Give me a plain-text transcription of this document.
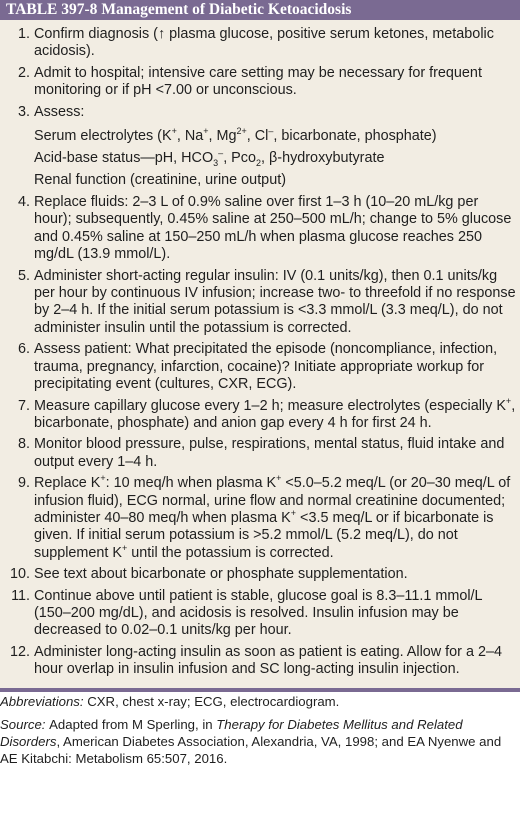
TABLE 397-8 Management of Diabetic Ketoacidosis
1. Confirm diagnosis (↑ plasma glucose, positive serum ketones, metabolic acidosis).
2. Admit to hospital; intensive care setting may be necessary for frequent monitoring or if pH <7.00 or unconscious.
3. Assess:
Serum electrolytes (K+, Na+, $Mg^{2+}$, Cl–, bicarbonate, phosphate)
Acid-base status—pH, $HCO_3^-$, Pco$_2$, β-hydroxybutyrate
Renal function (creatinine, urine output)
4. Replace fluids: 2–3 L of 0.9% saline over first 1–3 h (10–20 mL/kg per hour); subsequently, 0.45% saline at 250–500 mL/h; change to 5% glucose and 0.45% saline at 150–250 mL/h when plasma glucose reaches 250 mg/dL (13.9 mmol/L).
5. Administer short-acting regular insulin: IV (0.1 units/kg), then 0.1 units/kg per hour by continuous IV infusion; increase two- to threefold if no response by 2–4 h. If the initial serum potassium is <3.3 mmol/L (3.3 meq/L), do not administer insulin until the potassium is corrected.
6. Assess patient: What precipitated the episode (noncompliance, infection, trauma, pregnancy, infarction, cocaine)? Initiate appropriate workup for precipitating event (cultures, CXR, ECG).
7. Measure capillary glucose every 1–2 h; measure electrolytes (especially K+, bicarbonate, phosphate) and anion gap every 4 h for first 24 h.
8. Monitor blood pressure, pulse, respirations, mental status, fluid intake and output every 1–4 h.
9. Replace K+: 10 meq/h when plasma K+ <5.0–5.2 meq/L (or 20–30 meq/L of infusion fluid), ECG normal, urine flow and normal creatinine documented; administer 40–80 meq/h when plasma K+ <3.5 meq/L or if bicarbonate is given. If initial serum potassium is >5.2 mmol/L (5.2 meq/L), do not supplement K+ until the potassium is corrected.
10. See text about bicarbonate or phosphate supplementation.
11. Continue above until patient is stable, glucose goal is 8.3–11.1 mmol/L (150–200 mg/dL), and acidosis is resolved. Insulin infusion may be decreased to 0.02–0.1 units/kg per hour.
12. Administer long-acting insulin as soon as patient is eating. Allow for a 2–4 hour overlap in insulin infusion and SC long-acting insulin injection.
Abbreviations: CXR, chest x-ray; ECG, electrocardiogram.
Source: Adapted from M Sperling, in Therapy for Diabetes Mellitus and Related Disorders, American Diabetes Association, Alexandria, VA, 1998; and EA Nyenwe and AE Kitabchi: Metabolism 65:507, 2016.
